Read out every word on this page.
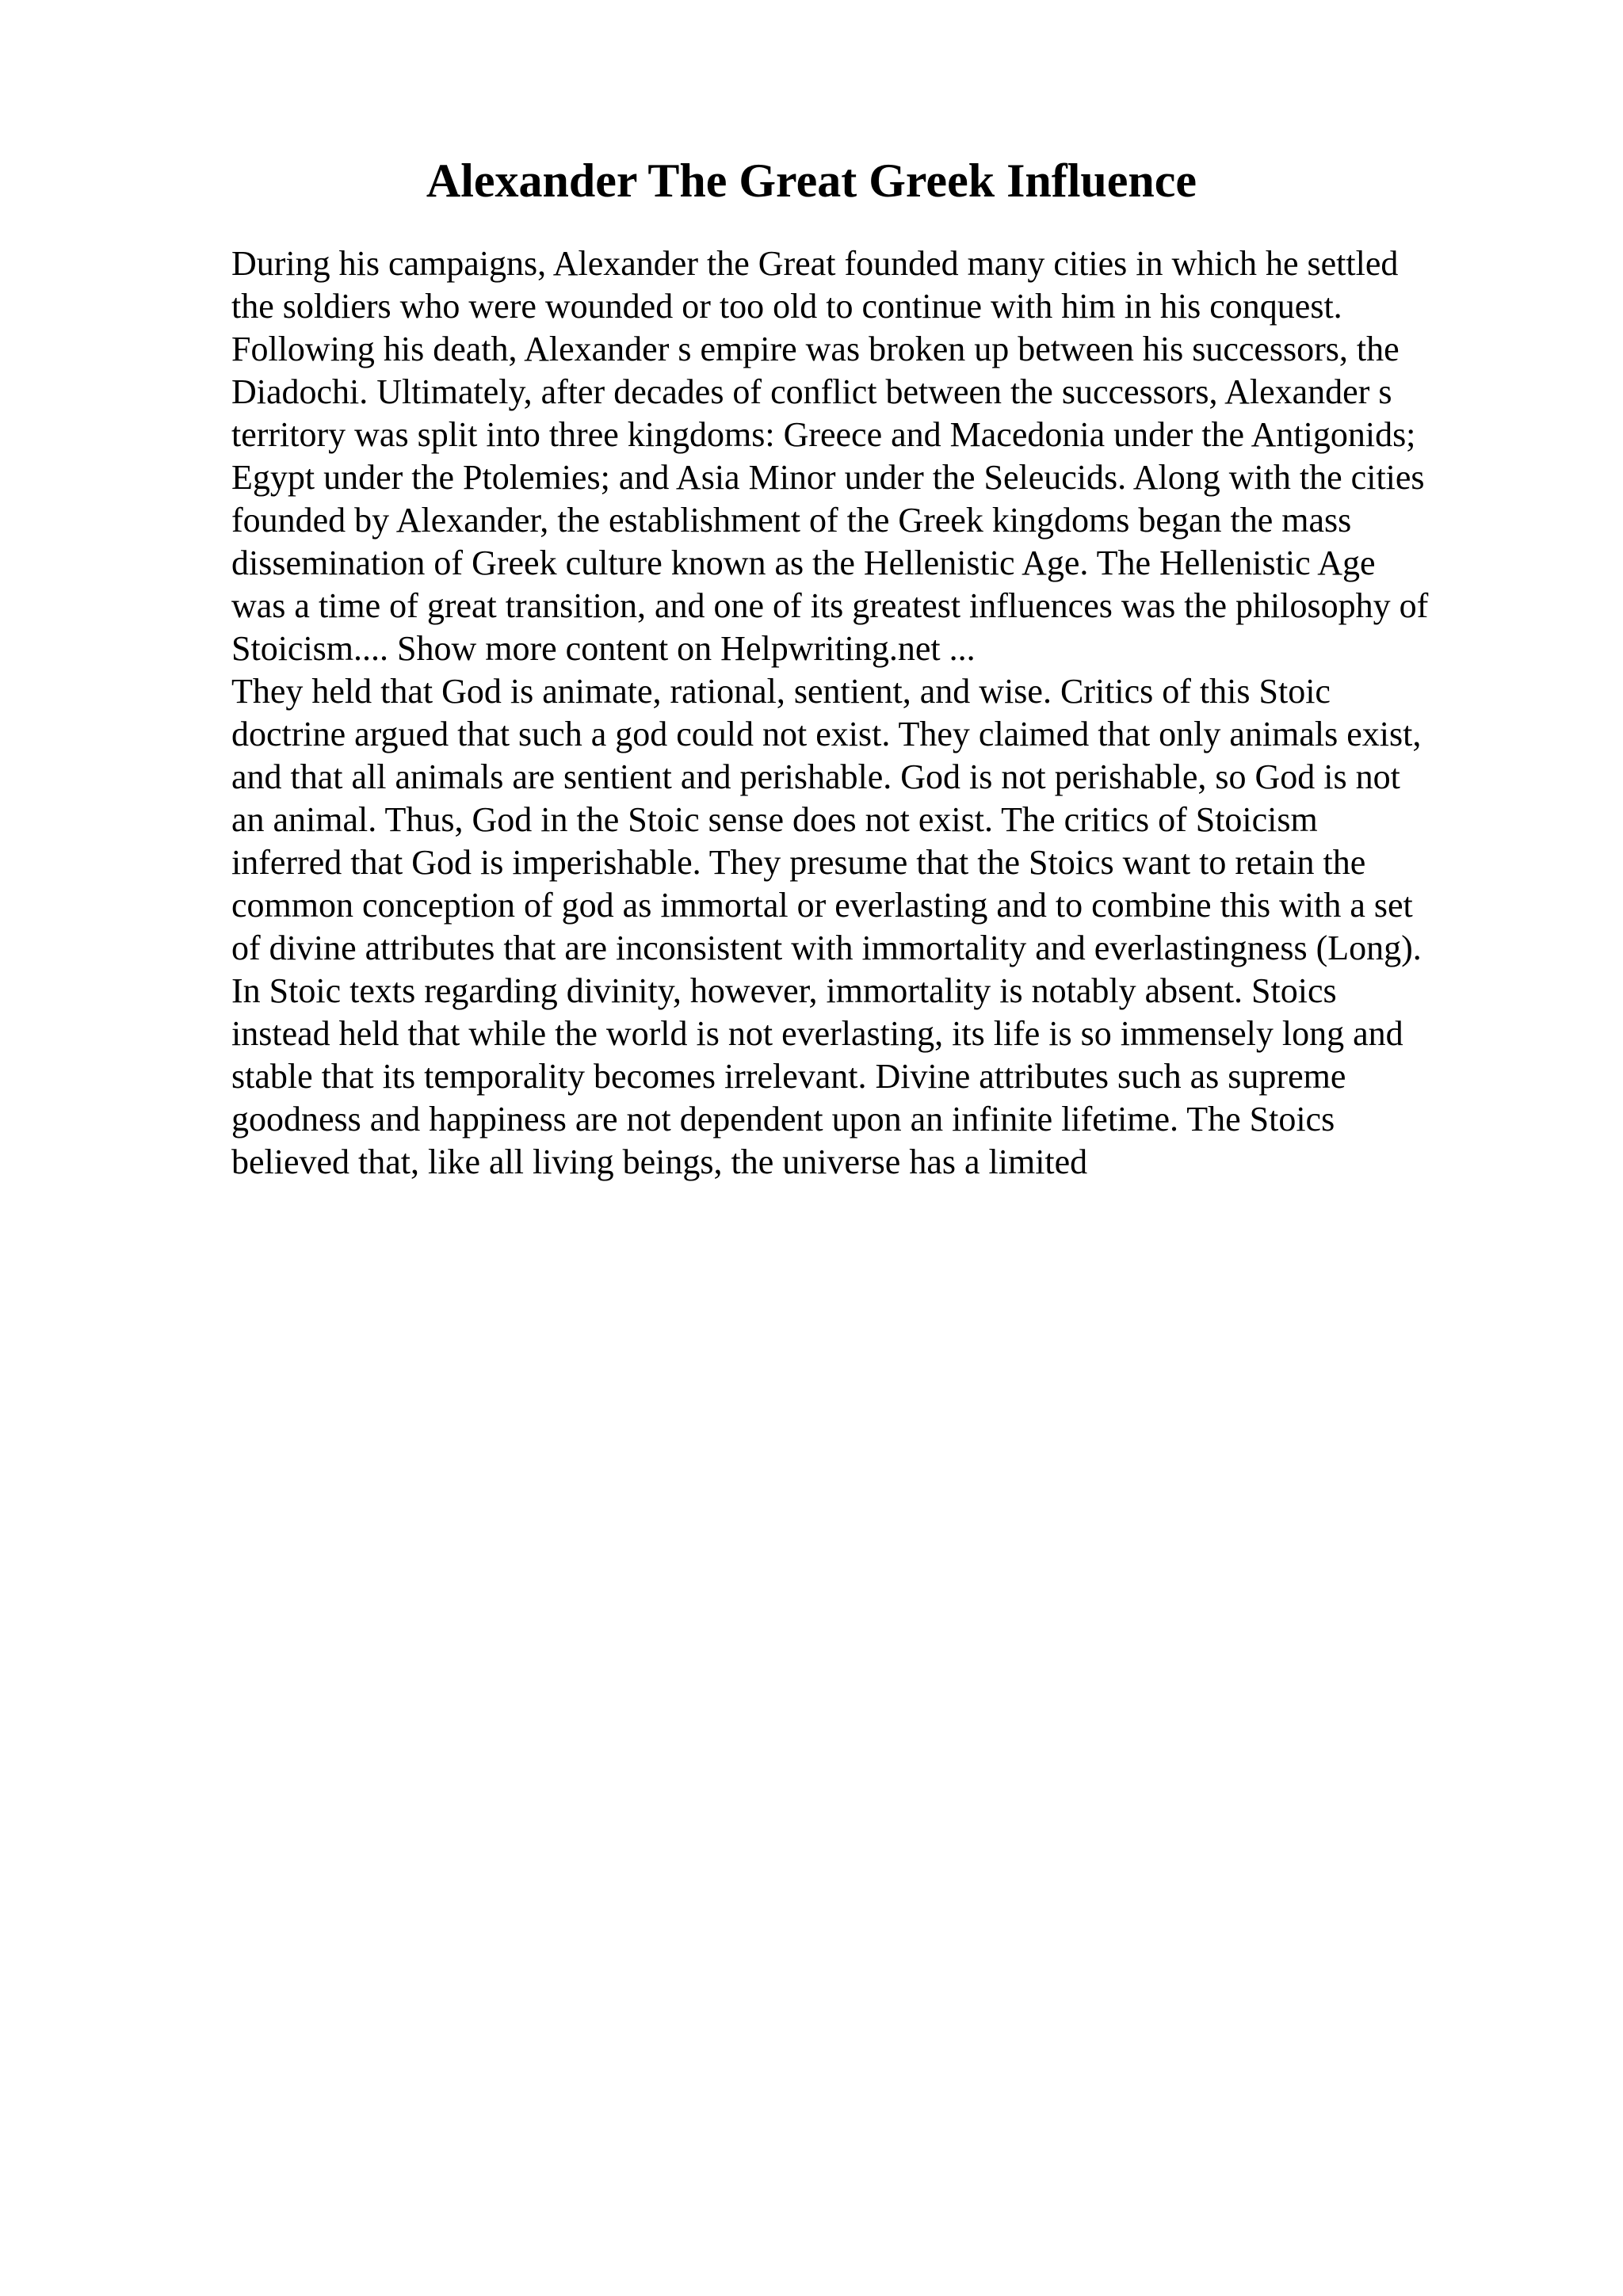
Alexander The Great Greek Influence
During his campaigns, Alexander the Great founded many cities in which he settled
the soldiers who were wounded or too old to continue with him in his conquest.
Following his death, Alexander s empire was broken up between his successors, the
Diadochi. Ultimately, after decades of conflict between the successors, Alexander s
territory was split into three kingdoms: Greece and Macedonia under the Antigonids;
Egypt under the Ptolemies; and Asia Minor under the Seleucids. Along with the cities
founded by Alexander, the establishment of the Greek kingdoms began the mass
dissemination of Greek culture known as the Hellenistic Age. The Hellenistic Age
was a time of great transition, and one of its greatest influences was the philosophy of
Stoicism.... Show more content on Helpwriting.net ...
They held that God is animate, rational, sentient, and wise. Critics of this Stoic
doctrine argued that such a god could not exist. They claimed that only animals exist,
and that all animals are sentient and perishable. God is not perishable, so God is not
an animal. Thus, God in the Stoic sense does not exist. The critics of Stoicism
inferred that God is imperishable. They presume that the Stoics want to retain the
common conception of god as immortal or everlasting and to combine this with a set
of divine attributes that are inconsistent with immortality and everlastingness (Long).
In Stoic texts regarding divinity, however, immortality is notably absent. Stoics
instead held that while the world is not everlasting, its life is so immensely long and
stable that its temporality becomes irrelevant. Divine attributes such as supreme
goodness and happiness are not dependent upon an infinite lifetime. The Stoics
believed that, like all living beings, the universe has a limited
